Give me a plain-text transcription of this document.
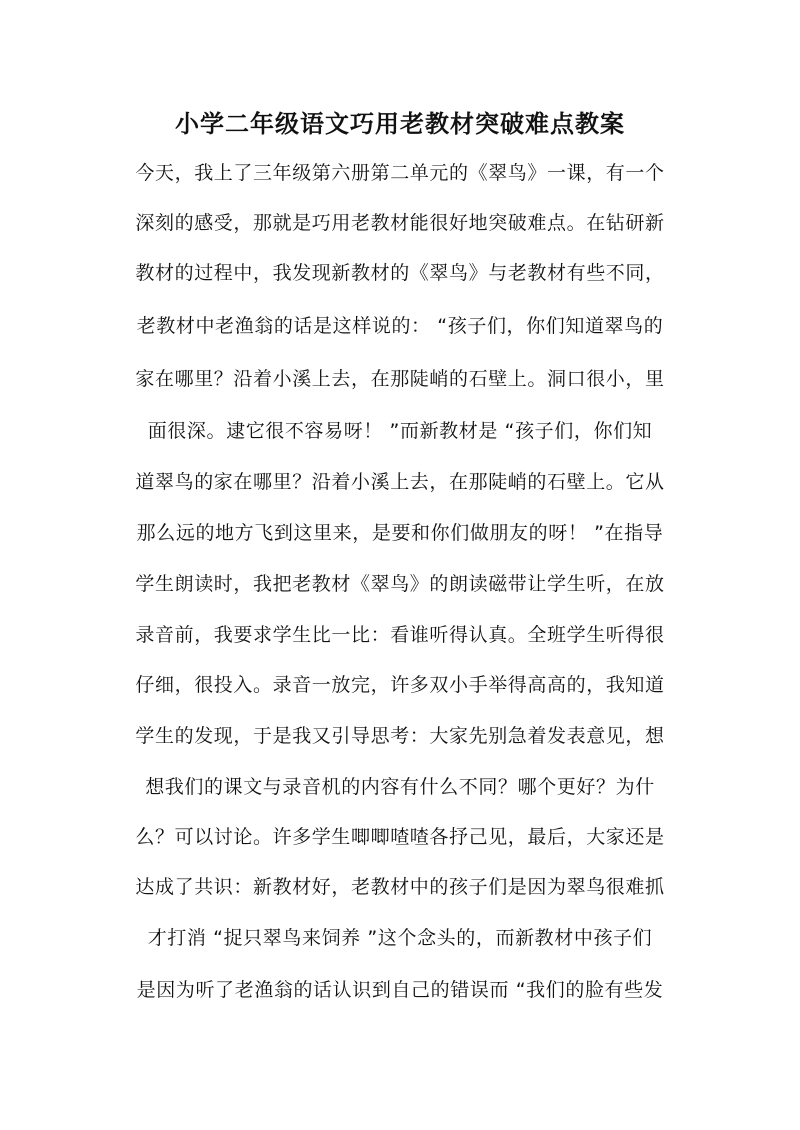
小学二年级语文巧用老教材突破难点教案
今天，我上了三年级第六册第二单元的《翠鸟》一课，有一个
深刻的感受，那就是巧用老教材能很好地突破难点。在钻研新
教材的过程中，我发现新教材的《翠鸟》与老教材有些不同，
老教材中老渔翁的话是这样说的： “孩子们，你们知道翠鸟的
家在哪里？沿着小溪上去，在那陡峭的石壁上。洞口很小，里
面很深。逮它很不容易呀！ ”而新教材是 “孩子们，你们知
道翠鸟的家在哪里？沿着小溪上去，在那陡峭的石壁上。它从
那么远的地方飞到这里来，是要和你们做朋友的呀！ ”在指导
学生朗读时，我把老教材《翠鸟》的朗读磁带让学生听，在放
录音前，我要求学生比一比：看谁听得认真。全班学生听得很
仔细，很投入。录音一放完，许多双小手举得高高的，我知道
学生的发现，于是我又引导思考：大家先别急着发表意见，想
想我们的课文与录音机的内容有什么不同？哪个更好？为什
么？可以讨论。许多学生唧唧喳喳各抒己见，最后，大家还是
达成了共识：新教材好，老教材中的孩子们是因为翠鸟很难抓
才打消 “捉只翠鸟来饲养 ”这个念头的，而新教材中孩子们
是因为听了老渔翁的话认识到自己的错误而 “我们的脸有些发
